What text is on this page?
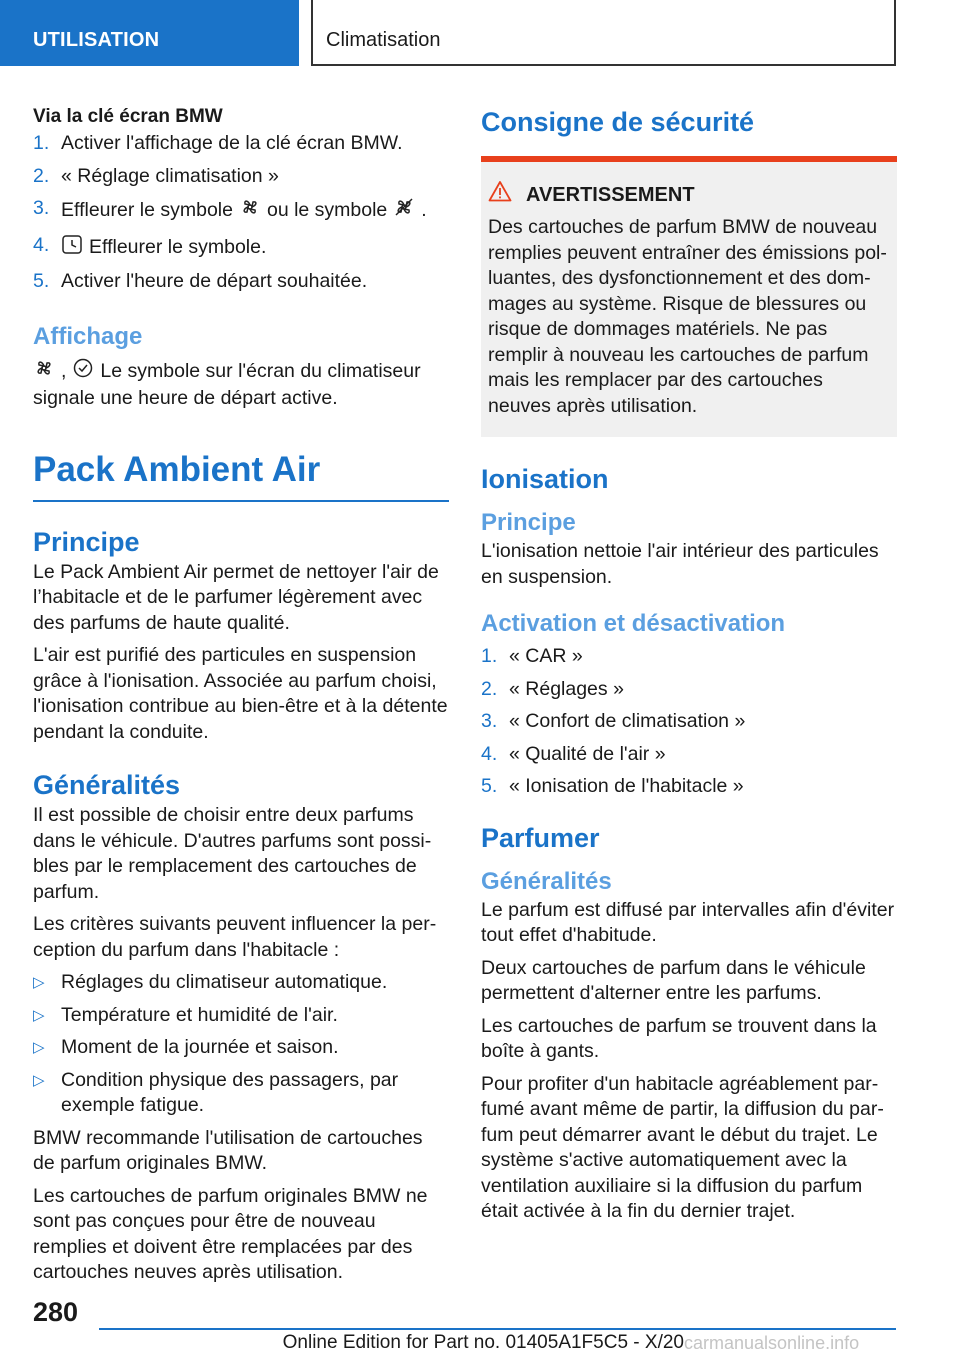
UTILISATION	Climatisation
Via la clé écran BMW
1. Activer l'affichage de la clé écran BMW.
2. « Réglage climatisation »
3. Effleurer le symbole ou le symbole .
4. Effleurer le symbole.
5. Activer l'heure de départ souhaitée.
Affichage
, Le symbole sur l'écran du climatiseur
signale une heure de départ active.
Pack Ambient Air
Principe
Le Pack Ambient Air permet de nettoyer l'air de l’habitacle et de le parfumer légèrement avec des parfums de haute qualité.
L'air est purifié des particules en suspension grâce à l'ionisation. Associée au parfum choisi, l'ionisation contribue au bien-être et à la détente pendant la conduite.
Généralités
Il est possible de choisir entre deux parfums dans le véhicule. D'autres parfums sont possibles par le remplacement des cartouches de parfum.
Les critères suivants peuvent influencer la perception du parfum dans l'habitacle :
▷ Réglages du climatiseur automatique.
▷ Température et humidité de l'air.
▷ Moment de la journée et saison.
▷ Condition physique des passagers, par exemple fatigue.
BMW recommande l'utilisation de cartouches de parfum originales BMW.
Les cartouches de parfum originales BMW ne sont pas conçues pour être de nouveau remplies et doivent être remplacées par des cartouches neuves après utilisation.
Consigne de sécurité
AVERTISSEMENT
Des cartouches de parfum BMW de nouveau remplies peuvent entraîner des émissions polluantes, des dysfonctionnement et des dommages au système. Risque de blessures ou risque de dommages matériels. Ne pas remplir à nouveau les cartouches de parfum mais les remplacer par des cartouches neuves après utilisation.
Ionisation
Principe
L'ionisation nettoie l'air intérieur des particules en suspension.
Activation et désactivation
1. « CAR »
2. « Réglages »
3. « Confort de climatisation »
4. « Qualité de l'air »
5. « Ionisation de l'habitacle »
Parfumer
Généralités
Le parfum est diffusé par intervalles afin d'éviter tout effet d'habitude.
Deux cartouches de parfum dans le véhicule permettent d'alterner entre les parfums.
Les cartouches de parfum se trouvent dans la boîte à gants.
Pour profiter d'un habitacle agréablement parfumé avant même de partir, la diffusion du parfum peut démarrer avant le début du trajet. Le système s'active automatiquement avec la ventilation auxiliaire si la diffusion du parfum était activée à la fin du dernier trajet.
280
Online Edition for Part no. 01405A1F5C5 - X/20 carmanualsonline.info
